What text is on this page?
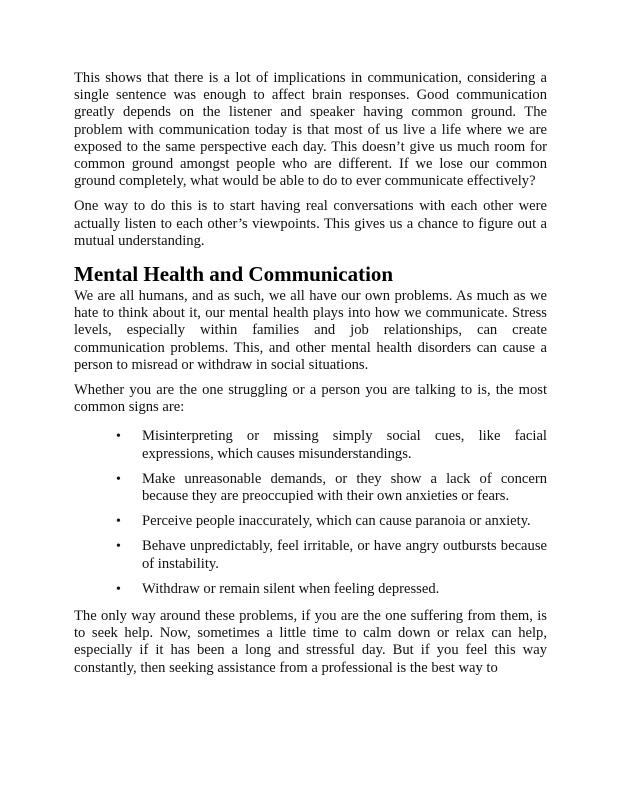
This shows that there is a lot of implications in communication, considering a single sentence was enough to affect brain responses. Good communication greatly depends on the listener and speaker having common ground. The problem with communication today is that most of us live a life where we are exposed to the same perspective each day. This doesn’t give us much room for common ground amongst people who are different. If we lose our common ground completely, what would be able to do to ever communicate effectively?

One way to do this is to start having real conversations with each other were actually listen to each other’s viewpoints. This gives us a chance to figure out a mutual understanding.

Mental Health and Communication

We are all humans, and as such, we all have our own problems. As much as we hate to think about it, our mental health plays into how we communicate. Stress levels, especially within families and job relationships, can create communication problems. This, and other mental health disorders can cause a person to misread or withdraw in social situations.

Whether you are the one struggling or a person you are talking to is, the most common signs are:

• Misinterpreting or missing simply social cues, like facial expressions, which causes misunderstandings.
• Make unreasonable demands, or they show a lack of concern because they are preoccupied with their own anxieties or fears.
• Perceive people inaccurately, which can cause paranoia or anxiety.
• Behave unpredictably, feel irritable, or have angry outbursts because of instability.
• Withdraw or remain silent when feeling depressed.

The only way around these problems, if you are the one suffering from them, is to seek help. Now, sometimes a little time to calm down or relax can help, especially if it has been a long and stressful day. But if you feel this way constantly, then seeking assistance from a professional is the best way to
